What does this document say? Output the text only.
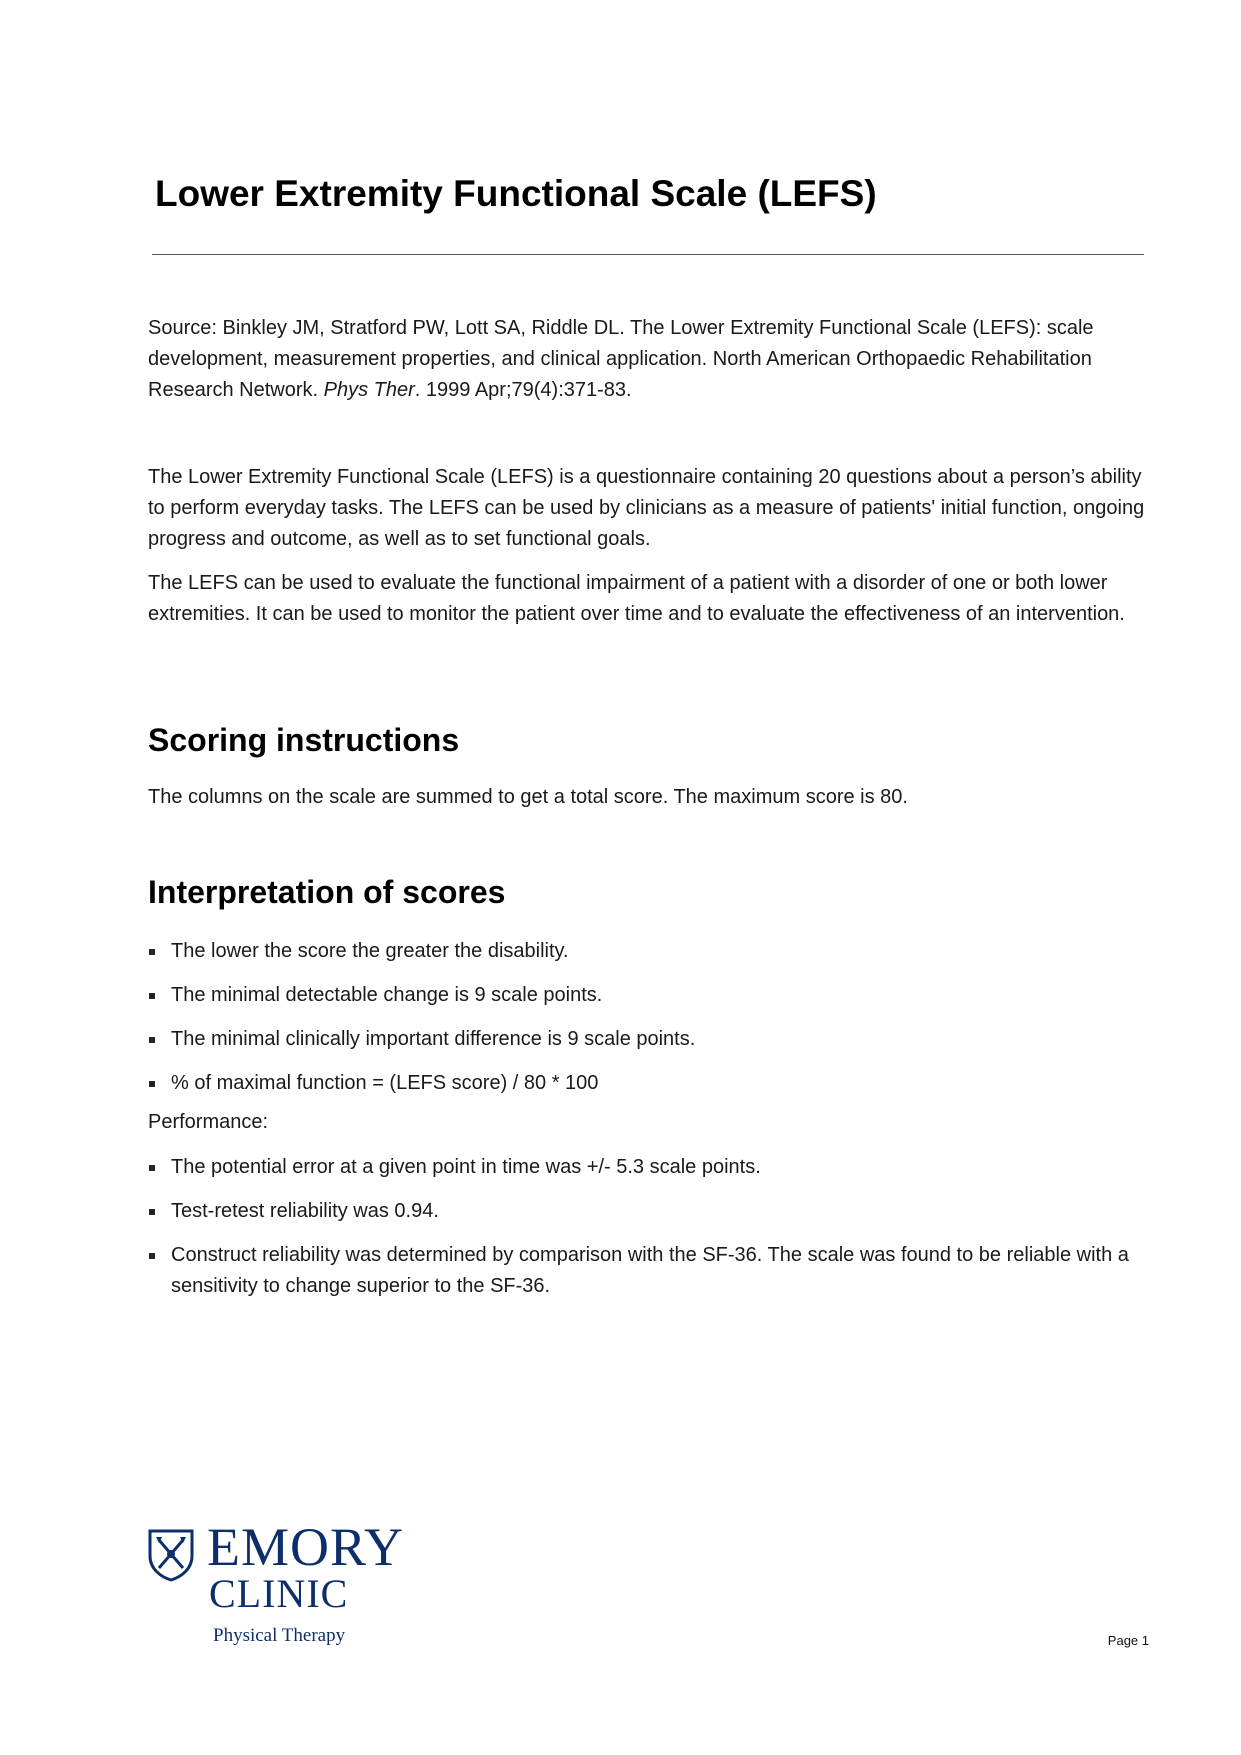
Lower Extremity Functional Scale (LEFS)

Source: Binkley JM, Stratford PW, Lott SA, Riddle DL. The Lower Extremity Functional Scale (LEFS): scale development, measurement properties, and clinical application. North American Orthopaedic Rehabilitation Research Network. Phys Ther. 1999 Apr;79(4):371-83.

The Lower Extremity Functional Scale (LEFS) is a questionnaire containing 20 questions about a person’s ability to perform everyday tasks. The LEFS can be used by clinicians as a measure of patients' initial function, ongoing progress and outcome, as well as to set functional goals.

The LEFS can be used to evaluate the functional impairment of a patient with a disorder of one or both lower extremities. It can be used to monitor the patient over time and to evaluate the effectiveness of an intervention.

Scoring instructions

The columns on the scale are summed to get a total score. The maximum score is 80.

Interpretation of scores
The lower the score the greater the disability.
The minimal detectable change is 9 scale points.
The minimal clinically important difference is 9 scale points.
% of maximal function = (LEFS score) / 80 * 100

Performance:

The potential error at a given point in time was +/- 5.3 scale points.
Test-retest reliability was 0.94.
Construct reliability was determined by comparison with the SF-36. The scale was found to be reliable with a sensitivity to change superior to the SF-36.
EMORY
CLINIC
Physical Therapy	Page 1
